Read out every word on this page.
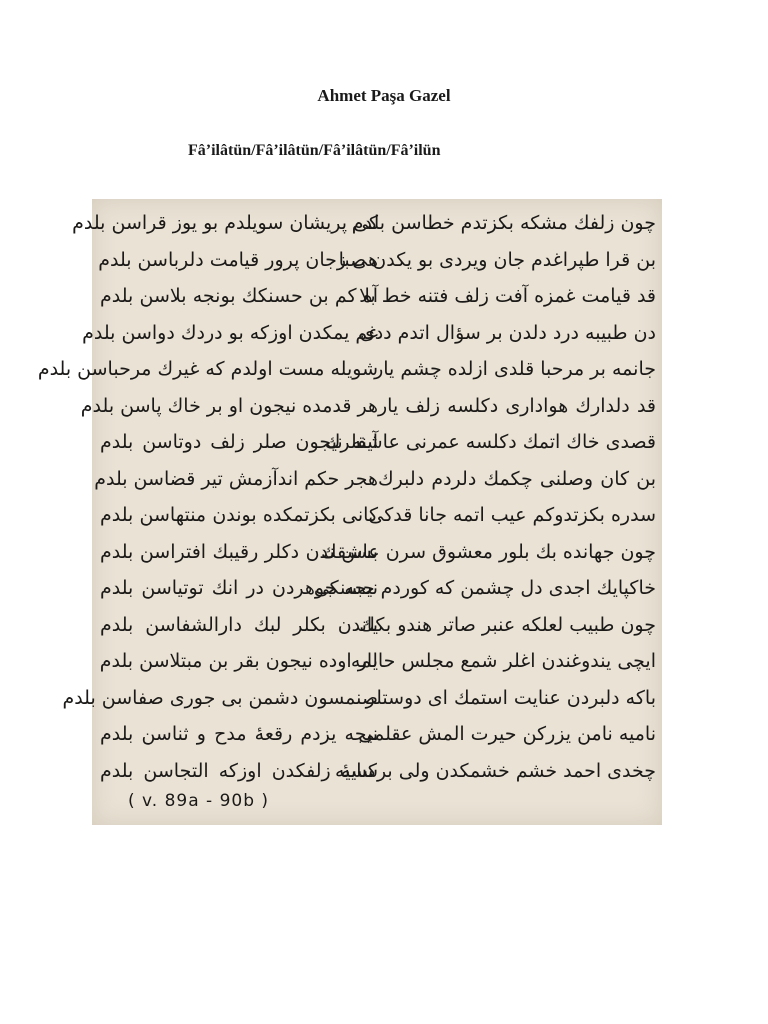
Ahmet Paşa Gazel
Fâ’ilâtün/Fâ’ilâtün/Fâ’ilâtün/Fâ’ilün
کی پریشان سویلدم بو یوز قراسن بلدم
هی زجان پرور قیامت دلرباسن بلدم
آه کم بن حسنکك بونجه بلاسن بلدم
غم یمکدن اوزکه بو دردك دواسن بلدم
شویله مست اولدم که غیرك مرحباسن بلدم
هر قدمده نیجون او بر خاك پاسن بلدم
آینه نیجون صلر زلف دوتاسن بلدم
هجر حکم اندآزمش تیر قضاسن بلدم
کانی بکزتمکده بوندن منتهاسن بلدم
بسن ندن دکلر رقیبك افتراسن بلدم
نیجه جوهردن در انك توتیاسن بلدم
یاندن بکلر لبك دارالشفاسن بلدم
یار اوده نیجون بقر بن مبتلاسن بلدم
صنمسون دشمن بی جوری صفاسن بلدم
نیجه یزدم رقعهٔ مدح و ثناسن بلدم
سایهٔ زلفکدن اوزکه التجاسن بلدم
چون زلفك مشکه بکزتدم خطاسن بلدم
بن قرا طپراغدم جان ویردی بو یکدن صبا
قد قیامت غمزه آفت زلف فتنه خط بلا
دن طبیبه درد دلدن بر سؤال اتدم ددی
جانمه بر مرحبا قلدی ازلده چشم یار
قد دلدارك هواداری دکلسه زلف یار
قصدی خاك اتمك دکلسه عمرنی عاشقلرك
بن کان وصلنی چکمك دلردم دلبرك
سدره بکزتدوکم عیب اتمه جانا قدکی
چون جهانده بك بلور معشوق سرن عاشقك
خاکپایك اجدی دل چشمن که کوردم حسنکی
چون طبیب لعلکه عنبر صاتر هندو بکك
ایچی یندوغندن اغلر شمع مجلس حالمه
باکه دلبردن عنایت استمك ای دوستلر
نامیه نامن یزرکن حیرت المش عقلمی
چخدی احمد خشم خشمکدن ولی برکسیه
( v. 89a - 90b )
